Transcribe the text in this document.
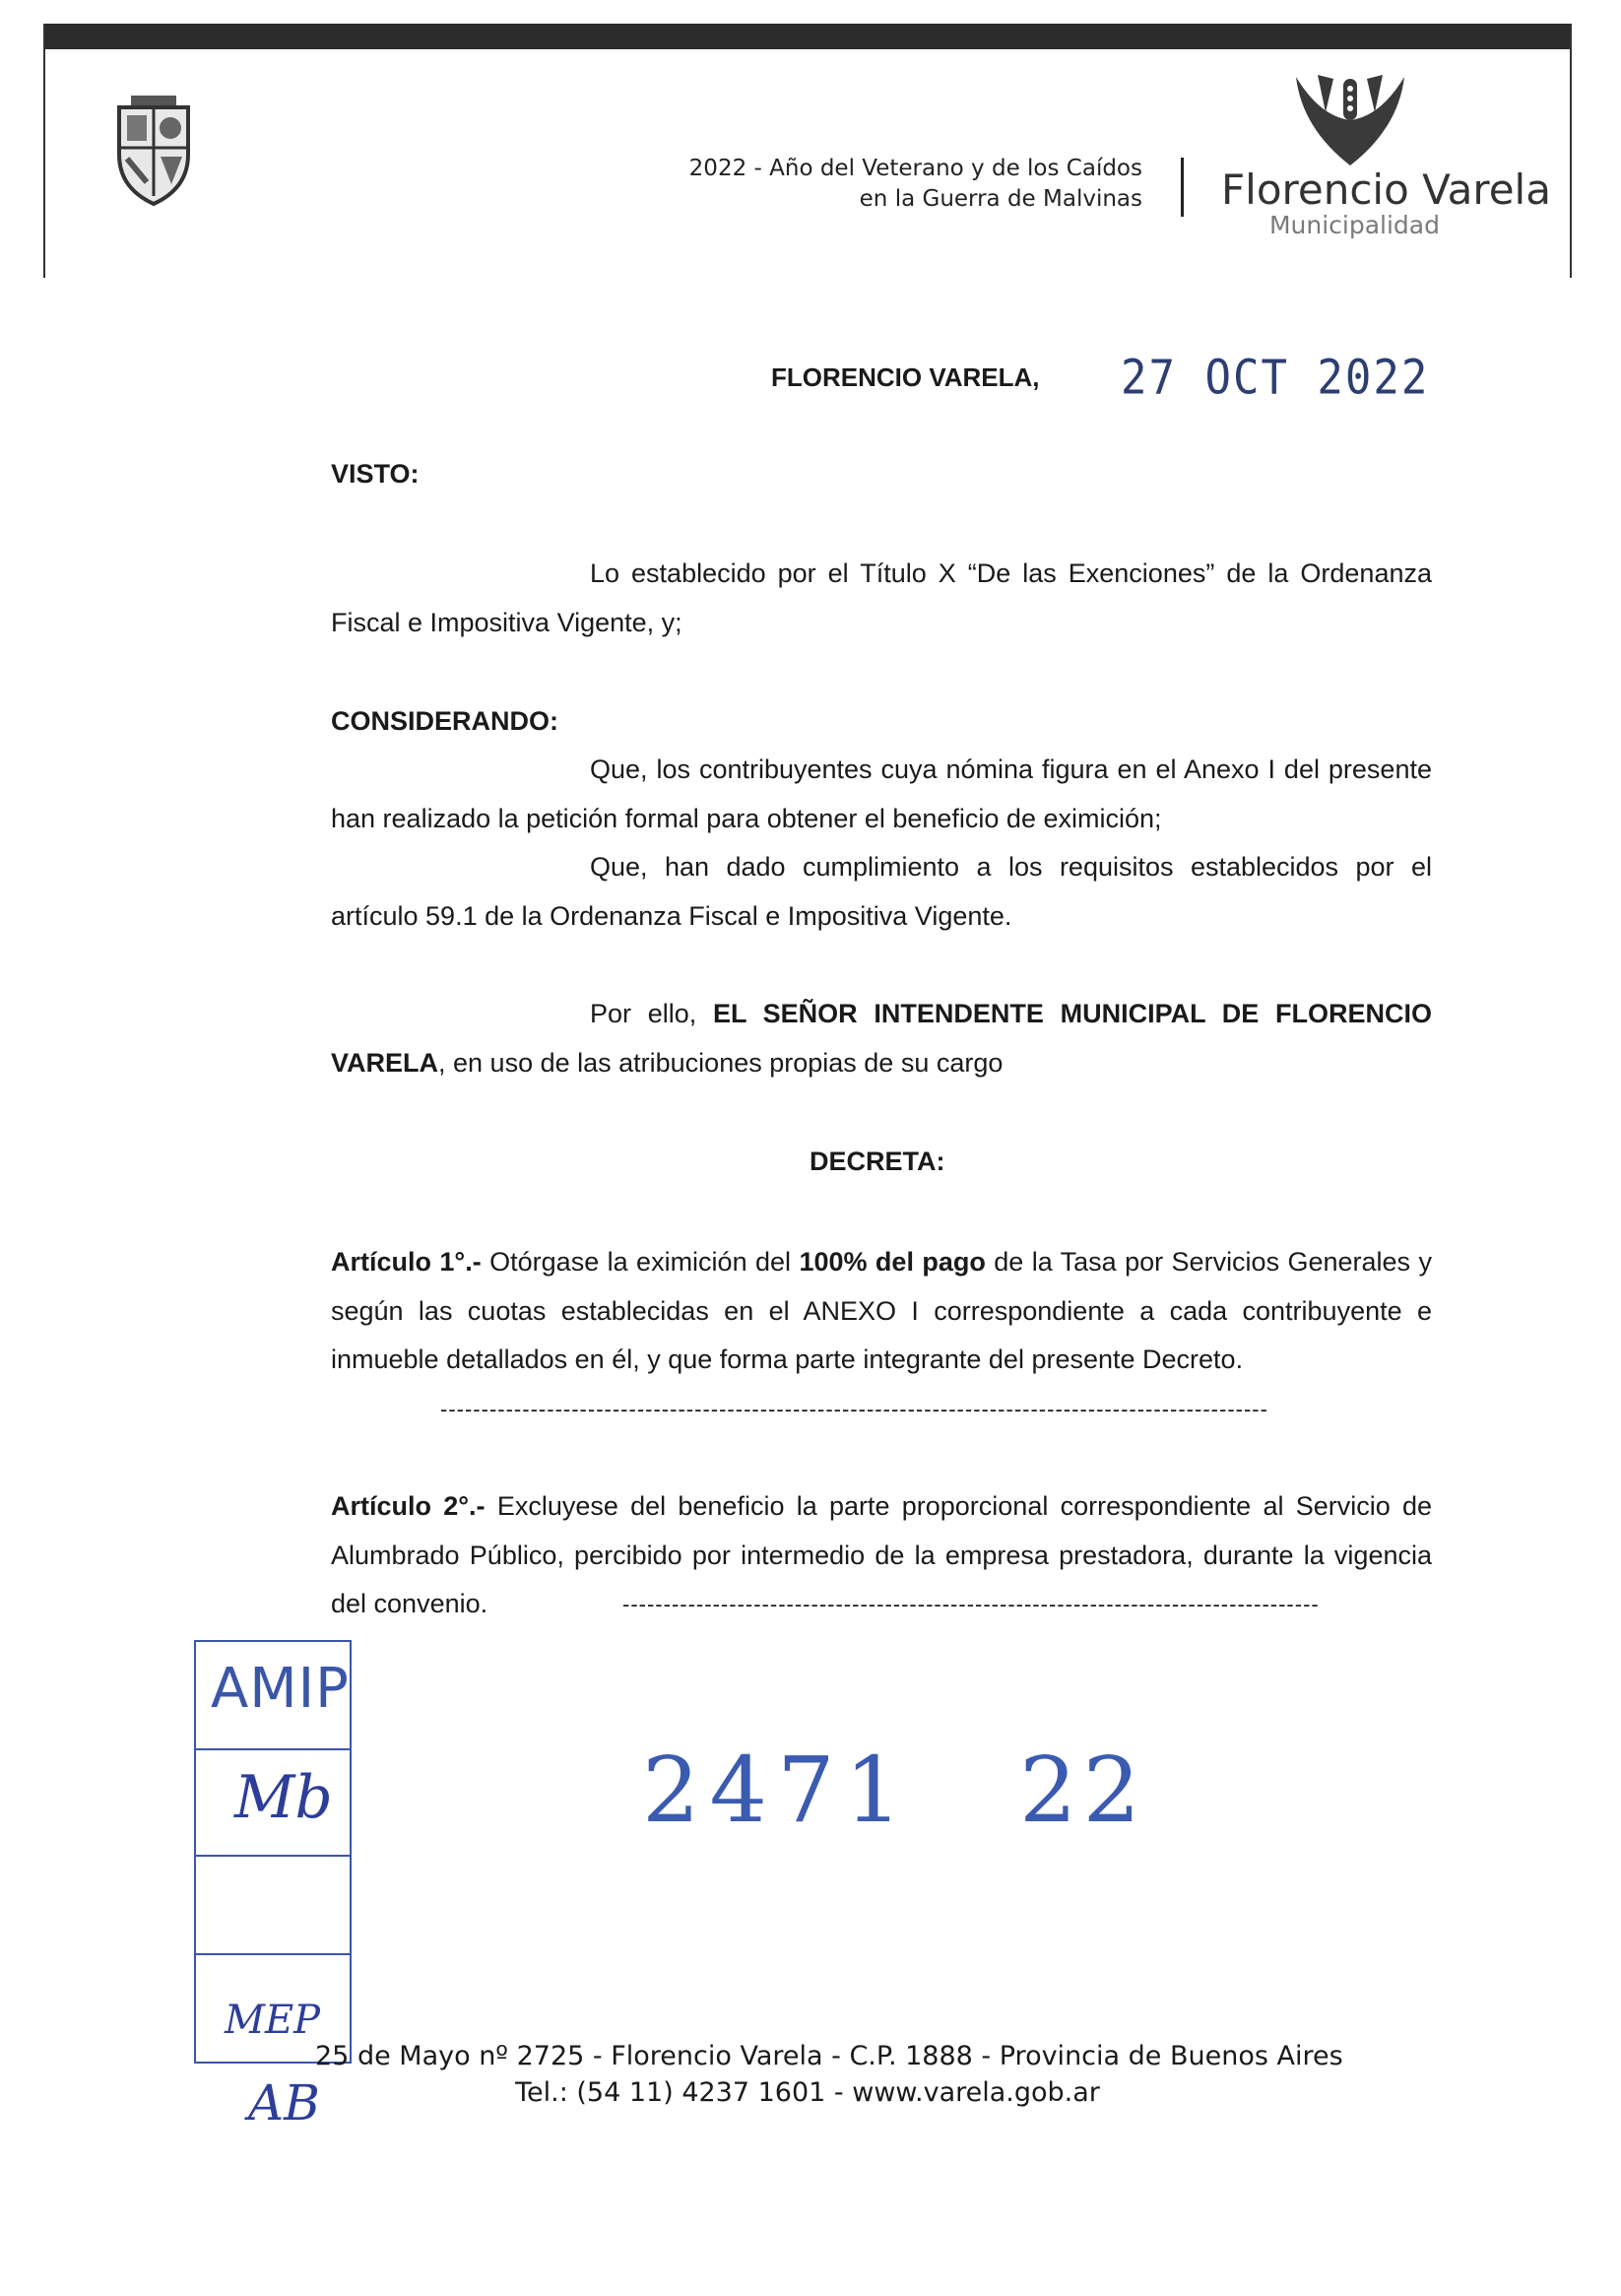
2022 - Año del Veterano y de los Caídos
en la Guerra de Malvinas Florencio Varela
Municipalidad
FLORENCIO VARELA, 27 OCT 2022
VISTO:
Lo establecido por el Título X “De las Exenciones” de la Ordenanza Fiscal e Impositiva Vigente, y;
CONSIDERANDO:
Que, los contribuyentes cuya nómina figura en el Anexo I del presente han realizado la petición formal para obtener el beneficio de eximición;
Que, han dado cumplimiento a los requisitos establecidos por el artículo 59.1 de la Ordenanza Fiscal e Impositiva Vigente.
Por ello, EL SEÑOR INTENDENTE MUNICIPAL DE FLORENCIO VARELA, en uso de las atribuciones propias de su cargo
DECRETA:
Artículo 1°.- Otórgase la eximición del 100% del pago de la Tasa por Servicios Generales y según las cuotas establecidas en el ANEXO I correspondiente a cada contribuyente e inmueble detallados en él, y que forma parte integrante del presente Decreto.
-----------------------------------------------------------------------------------------------------
Artículo 2°.- Excluyese del beneficio la parte proporcional correspondiente al Servicio de Alumbrado Público, percibido por intermedio de la empresa prestadora, durante la vigencia del convenio.	-------------------------------------------------------------------------------------
AMIP
Mb
MEP
AB
2471 22
25 de Mayo nº 2725 - Florencio Varela - C.P. 1888 - Provincia de Buenos Aires
Tel.: (54 11) 4237 1601 - www.varela.gob.ar
